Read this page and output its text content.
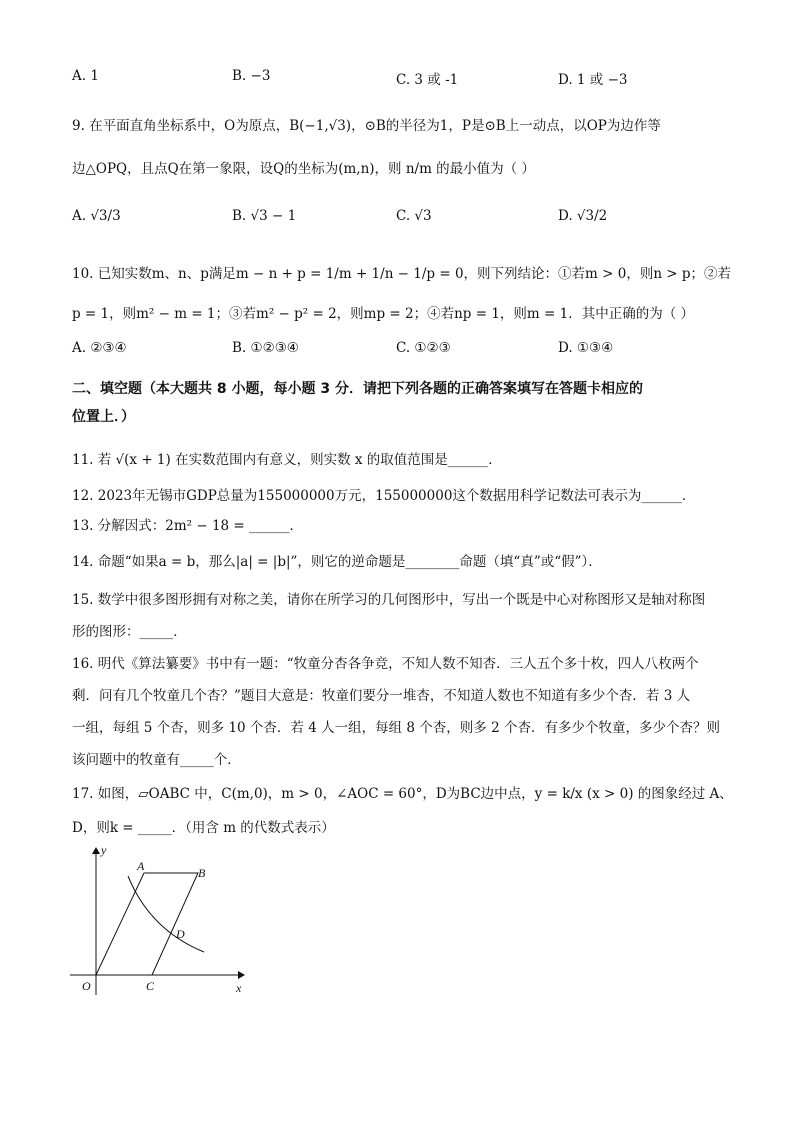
A. 1	B. −3	C. 3 或 -1	D. 1 或 −3
9. 在平面直角坐标系中，O为原点，B(−1,√3)，⊙B的半径为1，P是⊙B上一动点，以OP为边作等
边△OPQ，且点Q在第一象限，设Q的坐标为(m,n)，则 n/m 的最小值为（ ）
A. √3/3	B. √3 − 1	C. √3	D. √3/2
10. 已知实数m、n、p满足m − n + p = 1/m + 1/n − 1/p = 0，则下列结论：①若m > 0，则n > p；②若
p = 1，则m² − m = 1；③若m² − p² = 2，则mp = 2；④若np = 1，则m = 1．其中正确的为（ ）
A. ②③④	B. ①②③④	C. ①②③	D. ①③④
二、填空题（本大题共 8 小题，每小题 3 分．请把下列各题的正确答案填写在答题卡相应的
位置上．）
11. 若 √(x + 1) 在实数范围内有意义，则实数 x 的取值范围是______．
12. 2023年无锡市GDP总量为155000000万元，155000000这个数据用科学记数法可表示为______．
13. 分解因式：2m² − 18 = ______．
14. 命题“如果a = b，那么|a| = |b|”，则它的逆命题是________命题（填“真”或“假”）．
15. 数学中很多图形拥有对称之美，请你在所学习的几何图形中，写出一个既是中心对称图形又是轴对称图
形的图形：_____．
16. 明代《算法纂要》书中有一题：“牧童分杏各争竞，不知人数不知杏．三人五个多十枚，四人八枚两个
剩．问有几个牧童几个杏？”题目大意是：牧童们要分一堆杏，不知道人数也不知道有多少个杏．若 3 人
一组，每组 5 个杏，则多 10 个杏．若 4 人一组，每组 8 个杏，则多 2 个杏．有多少个牧童，多少个杏？则
该问题中的牧童有_____个．
17. 如图，▱OABC 中，C(m,0)，m > 0，∠AOC = 60°，D为BC边中点，y = k/x (x > 0) 的图象经过 A、
D，则k = _____．（用含 m 的代数式表示）
y
x
O
A	B
C
D
